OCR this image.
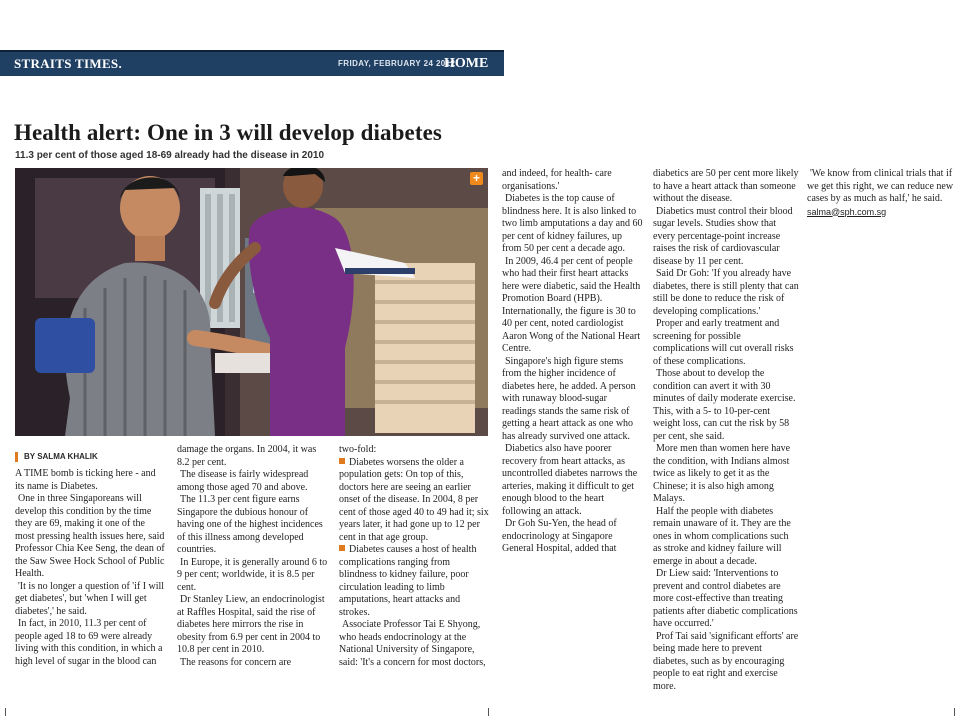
STRAITS TIMES.	FRIDAY, FEBRUARY 24 2012
HOME
Health alert: One in 3 will develop diabetes
11.3 per cent of those aged 18-69 already had the disease in 2010
+
BY SALMA KHALIK

A TIME bomb is ticking here - and its name is Diabetes.

One in three Singaporeans will develop this condition by the time they are 69, making it one of the most pressing health issues here, said Professor Chia Kee Seng, the dean of the Saw Swee Hock School of Public Health.

'It is no longer a question of 'if I will get diabetes', but 'when I will get diabetes',' he said.

In fact, in 2010, 11.3 per cent of people aged 18 to 69 were already living with this condition, in which a high level of sugar in the blood can

damage the organs. In 2004, it was 8.2 per cent.

The disease is fairly widespread among those aged 70 and above.

The 11.3 per cent figure earns Singapore the dubious honour of having one of the highest incidences of this illness among developed countries.

In Europe, it is generally around 6 to 9 per cent; worldwide, it is 8.5 per cent.

Dr Stanley Liew, an endocrinologist at Raffles Hospital, said the rise of diabetes here mirrors the rise in obesity from 6.9 per cent in 2004 to 10.8 per cent in 2010.

The reasons for concern are

two-fold:

Diabetes worsens the older a population gets: On top of this, doctors here are seeing an earlier onset of the disease. In 2004, 8 per cent of those aged 40 to 49 had it; six years later, it had gone up to 12 per cent in that age group.

Diabetes causes a host of health complications ranging from blindness to kidney failure, poor circulation leading to limb amputations, heart attacks and strokes.

Associate Professor Tai E Shyong, who heads endocrinology at the National University of Singapore, said: 'It's a concern for most doctors,

and indeed, for health- care organisations.'

Diabetes is the top cause of blindness here. It is also linked to two limb amputations a day and 60 per cent of kidney failures, up from 50 per cent a decade ago.

In 2009, 46.4 per cent of people who had their first heart attacks here were diabetic, said the Health Promotion Board (HPB). Internationally, the figure is 30 to 40 per cent, noted cardiologist Aaron Wong of the National Heart Centre.

Singapore's high figure stems from the higher incidence of diabetes here, he added. A person with runaway blood-sugar readings stands the same risk of getting a heart attack as one who has already survived one attack.

Diabetics also have poorer recovery from heart attacks, as uncontrolled diabetes narrows the arteries, making it difficult to get enough blood to the heart following an attack.

Dr Goh Su-Yen, the head of endocrinology at Singapore General Hospital, added that

diabetics are 50 per cent more likely to have a heart attack than someone without the disease.

Diabetics must control their blood sugar levels. Studies show that every percentage-point increase raises the risk of cardiovascular disease by 11 per cent.

Said Dr Goh: 'If you already have diabetes, there is still plenty that can still be done to reduce the risk of developing complications.'

Proper and early treatment and screening for possible complications will cut overall risks of these complications.

Those about to develop the condition can avert it with 30 minutes of daily moderate exercise. This, with a 5- to 10-per-cent weight loss, can cut the risk by 58 per cent, she said.

More men than women here have the condition, with Indians almost twice as likely to get it as the Chinese; it is also high among Malays.

Half the people with diabetes remain unaware of it. They are the ones in whom complications such as stroke and kidney failure will emerge in about a decade.

Dr Liew said: 'Interventions to prevent and control diabetes are more cost-effective than treating patients after diabetic complications have occurred.'

Prof Tai said 'significant efforts' are being made here to prevent diabetes, such as by encouraging people to eat right and exercise more.

'We know from clinical trials that if we get this right, we can reduce new cases by as much as half,' he said.

salma@sph.com.sg
